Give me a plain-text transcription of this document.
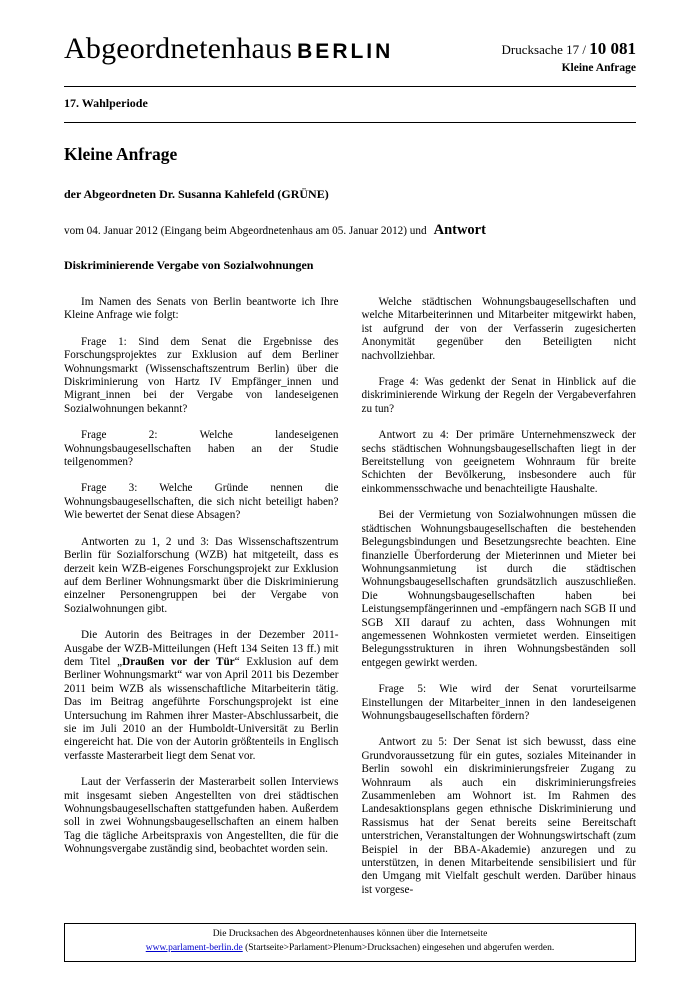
Abgeordnetenhaus BERLIN	Drucksache 17 / 10 081
Kleine Anfrage
17. Wahlperiode
Kleine Anfrage
der Abgeordneten Dr. Susanna Kahlefeld (GRÜNE)
vom 04. Januar 2012 (Eingang beim Abgeordnetenhaus am 05. Januar 2012) und Antwort
Diskriminierende Vergabe von Sozialwohnungen

Im Namen des Senats von Berlin beantworte ich Ihre Kleine Anfrage wie folgt:

Frage 1: Sind dem Senat die Ergebnisse des Forschungsprojektes zur Exklusion auf dem Berliner Wohnungsmarkt (Wissenschaftszentrum Berlin) über die Diskriminierung von Hartz IV Empfänger_innen und Migrant_innen bei der Vergabe von landeseigenen Sozialwohnungen bekannt?

Frage 2: Welche landeseigenen Wohnungsbaugesellschaften haben an der Studie teilgenommen?

Frage 3: Welche Gründe nennen die Wohnungsbaugesellschaften, die sich nicht beteiligt haben? Wie bewertet der Senat diese Absagen?

Antworten zu 1, 2 und 3: Das Wissenschaftszentrum Berlin für Sozialforschung (WZB) hat mitgeteilt, dass es derzeit kein WZB-eigenes Forschungsprojekt zur Exklusion auf dem Berliner Wohnungsmarkt über die Diskriminierung einzelner Personengruppen bei der Vergabe von Sozialwohnungen gibt.

Die Autorin des Beitrages in der Dezember 2011-Ausgabe der WZB-Mitteilungen (Heft 134 Seiten 13 ff.) mit dem Titel „Draußen vor der Tür“ Exklusion auf dem Berliner Wohnungsmarkt“ war von April 2011 bis Dezember 2011 beim WZB als wissenschaftliche Mitarbeiterin tätig. Das im Beitrag angeführte Forschungsprojekt ist eine Untersuchung im Rahmen ihrer Master-Abschlussarbeit, die sie im Juli 2010 an der Humboldt-Universität zu Berlin eingereicht hat. Die von der Autorin größtenteils in Englisch verfasste Masterarbeit liegt dem Senat vor.

Laut der Verfasserin der Masterarbeit sollen Interviews mit insgesamt sieben Angestellten von drei städtischen Wohnungsbaugesellschaften stattgefunden haben. Außerdem soll in zwei Wohnungsbaugesellschaften an einem halben Tag die tägliche Arbeitspraxis von Angestellten, die für die Wohnungsvergabe zuständig sind, beobachtet worden sein.

Welche städtischen Wohnungsbaugesellschaften und welche Mitarbeiterinnen und Mitarbeiter mitgewirkt haben, ist aufgrund der von der Verfasserin zugesicherten Anonymität gegenüber den Beteiligten nicht nachvollziehbar.

Frage 4: Was gedenkt der Senat in Hinblick auf die diskriminierende Wirkung der Regeln der Vergabeverfahren zu tun?

Antwort zu 4: Der primäre Unternehmenszweck der sechs städtischen Wohnungsbaugesellschaften liegt in der Bereitstellung von geeignetem Wohnraum für breite Schichten der Bevölkerung, insbesondere auch für einkommensschwache und benachteiligte Haushalte.

Bei der Vermietung von Sozialwohnungen müssen die städtischen Wohnungsbaugesellschaften die bestehenden Belegungsbindungen und Besetzungsrechte beachten. Eine finanzielle Überforderung der Mieterinnen und Mieter bei Wohnungsanmietung ist durch die städtischen Wohnungsbaugesellschaften grundsätzlich auszuschließen. Die Wohnungsbaugesellschaften haben bei Leistungsempfängerinnen und -empfängern nach SGB II und SGB XII darauf zu achten, dass Wohnungen mit angemessenen Wohnkosten vermietet werden. Einseitigen Belegungsstrukturen in ihren Wohnungsbeständen soll entgegen gewirkt werden.

Frage 5: Wie wird der Senat vorurteilsarme Einstellungen der Mitarbeiter_innen in den landeseigenen Wohnungsbaugesellschaften fördern?

Antwort zu 5: Der Senat ist sich bewusst, dass eine Grundvoraussetzung für ein gutes, soziales Miteinander in Berlin sowohl ein diskriminierungsfreier Zugang zu Wohnraum als auch ein diskriminierungsfreies Zusammenleben am Wohnort ist. Im Rahmen des Landesaktionsplans gegen ethnische Diskriminierung und Rassismus hat der Senat bereits seine Bereitschaft unterstrichen, Veranstaltungen der Wohnungswirtschaft (zum Beispiel in der BBA-Akademie) anzuregen und zu unterstützen, in denen Mitarbeitende sensibilisiert und für den Umgang mit Vielfalt geschult werden. Darüber hinaus ist vorgese-

Die Drucksachen des Abgeordnetenhauses können über die Internetseite
www.parlament-berlin.de (Startseite>Parlament>Plenum>Drucksachen) eingesehen und abgerufen werden.
